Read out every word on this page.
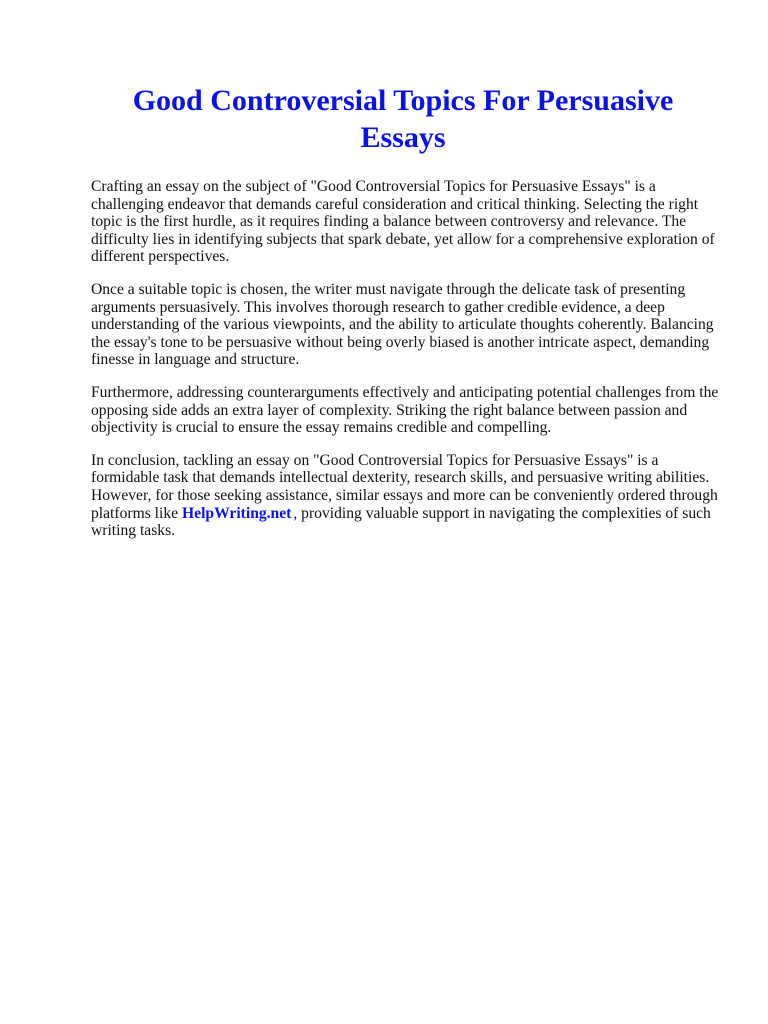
Good Controversial Topics For Persuasive Essays

Crafting an essay on the subject of "Good Controversial Topics for Persuasive Essays" is a challenging endeavor that demands careful consideration and critical thinking. Selecting the right topic is the first hurdle, as it requires finding a balance between controversy and relevance. The difficulty lies in identifying subjects that spark debate, yet allow for a comprehensive exploration of different perspectives.

Once a suitable topic is chosen, the writer must navigate through the delicate task of presenting arguments persuasively. This involves thorough research to gather credible evidence, a deep understanding of the various viewpoints, and the ability to articulate thoughts coherently. Balancing the essay's tone to be persuasive without being overly biased is another intricate aspect, demanding finesse in language and structure.

Furthermore, addressing counterarguments effectively and anticipating potential challenges from the opposing side adds an extra layer of complexity. Striking the right balance between passion and objectivity is crucial to ensure the essay remains credible and compelling.

In conclusion, tackling an essay on "Good Controversial Topics for Persuasive Essays" is a formidable task that demands intellectual dexterity, research skills, and persuasive writing abilities. However, for those seeking assistance, similar essays and more can be conveniently ordered through platforms like HelpWriting.net , providing valuable support in navigating the complexities of such writing tasks.
